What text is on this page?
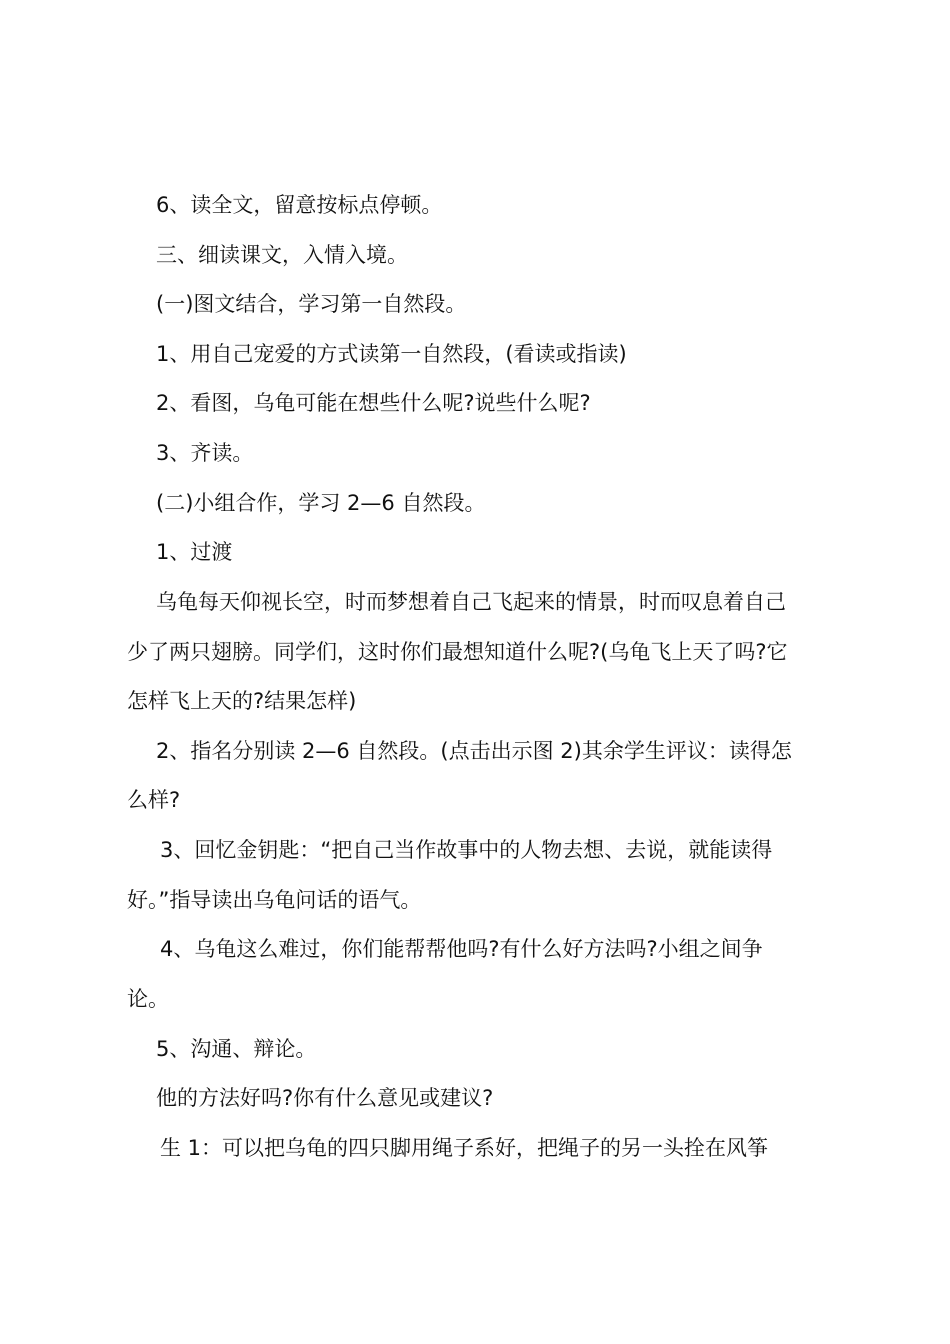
6、读全文，留意按标点停顿。
三、细读课文，入情入境。
(一)图文结合，学习第一自然段。
1、用自己宠爱的方式读第一自然段，(看读或指读)
2、看图，乌龟可能在想些什么呢?说些什么呢?
3、齐读。
(二)小组合作，学习 2—6 自然段。
1、过渡
乌龟每天仰视长空，时而梦想着自己飞起来的情景，时而叹息着自己
少了两只翅膀。同学们，这时你们最想知道什么呢?(乌龟飞上天了吗?它
怎样飞上天的?结果怎样)
2、指名分别读 2—6 自然段。(点击出示图 2)其余学生评议：读得怎
么样?
3、回忆金钥匙：“把自己当作故事中的人物去想、去说，就能读得
好。”指导读出乌龟问话的语气。
4、乌龟这么难过，你们能帮帮他吗?有什么好方法吗?小组之间争
论。
5、沟通、辩论。
他的方法好吗?你有什么意见或建议?
生 1：可以把乌龟的四只脚用绳子系好，把绳子的另一头拴在风筝
